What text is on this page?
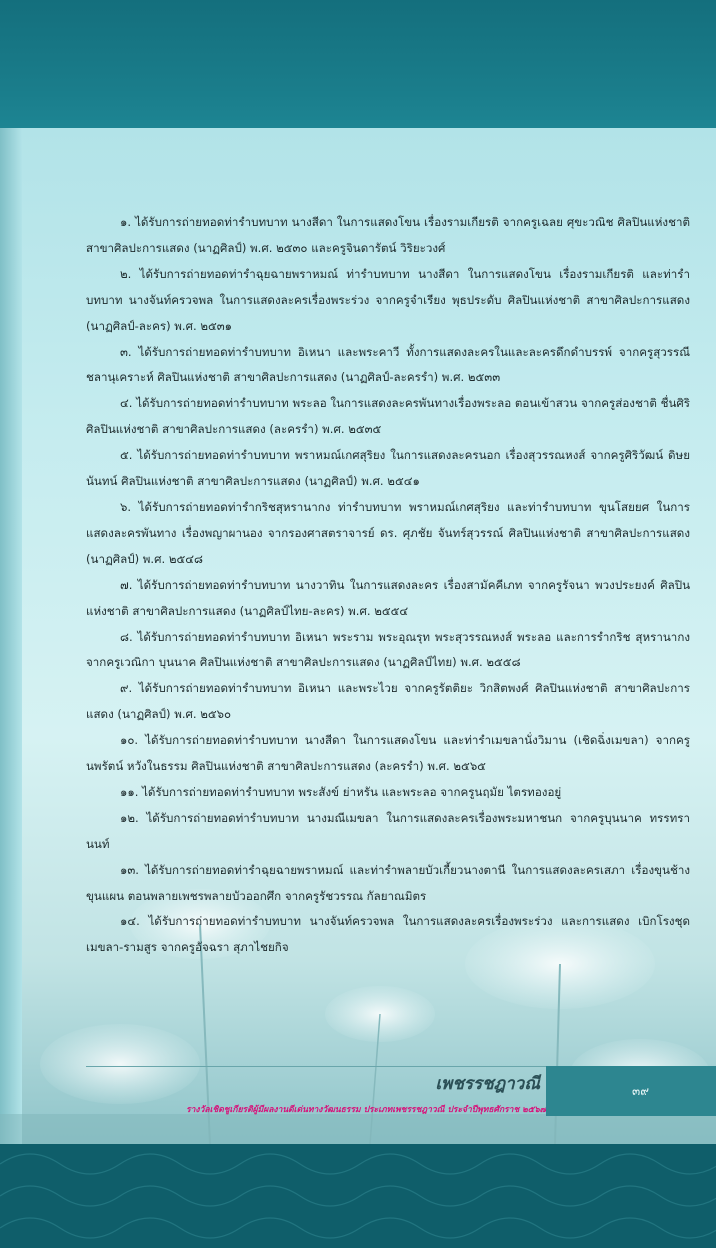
๑. ได้รับการถ่ายทอดท่ารำบทบาท นางสีดา ในการแสดงโขน เรื่องรามเกียรติ จากครูเฉลย ศุขะวณิช ศิลปินแห่งชาติ สาขาศิลปะการแสดง (นาฏศิลป์) พ.ศ. ๒๕๓๐ และครูจินดารัตน์ วิริยะวงศ์

๒. ได้รับการถ่ายทอดท่ารำฉุยฉายพราหมณ์ ท่ารำบทบาท นางสีดา ในการแสดงโขน เรื่องรามเกียรติ และท่ารำบทบาท นางจันท์ครวจพล ในการแสดงละครเรื่องพระร่วง จากครูจำเรียง พุธประดับ ศิลปินแห่งชาติ สาขาศิลปะการแสดง (นาฏศิลป์-ละคร) พ.ศ. ๒๕๓๑

๓. ได้รับการถ่ายทอดท่ารำบทบาท อิเหนา และพระคาวี ทั้งการแสดงละครในและละครดึกดำบรรพ์ จากครูสุวรรณี ชลานุเคราะห์ ศิลปินแห่งชาติ สาขาศิลปะการแสดง (นาฏศิลป์-ละครรำ) พ.ศ. ๒๕๓๓

๔. ได้รับการถ่ายทอดท่ารำบทบาท พระลอ ในการแสดงละครพันทางเรื่องพระลอ ตอนเข้าสวน จากครูส่องชาติ ชื่นศิริ ศิลปินแห่งชาติ สาขาศิลปะการแสดง (ละครรำ) พ.ศ. ๒๕๓๕

๕. ได้รับการถ่ายทอดท่ารำบทบาท พราหมณ์เกศสุริยง ในการแสดงละครนอก เรื่องสุวรรณหงส์ จากครูศิริวัฒน์ ดิษยนันทน์ ศิลปินแห่งชาติ สาขาศิลปะการแสดง (นาฏศิลป์) พ.ศ. ๒๕๔๑

๖. ได้รับการถ่ายทอดท่ารำกริชสุหรานากง ท่ารำบทบาท พราหมณ์เกศสุริยง และท่ารำบทบาท ขุนโสยยศ ในการแสดงละครพันทาง เรื่องพญาผานอง จากรองศาสตราจารย์ ดร. ศุภชัย จันทร์สุวรรณ์ ศิลปินแห่งชาติ สาขาศิลปะการแสดง (นาฏศิลป์) พ.ศ. ๒๕๔๘

๗. ได้รับการถ่ายทอดท่ารำบทบาท นางวาทิน ในการแสดงละคร เรื่องสามัคคีเภท จากครูรัจนา พวงประยงค์ ศิลปินแห่งชาติ สาขาศิลปะการแสดง (นาฏศิลป์ไทย-ละคร) พ.ศ. ๒๕๕๔

๘. ได้รับการถ่ายทอดท่ารำบทบาท อิเหนา พระราม พระอุณรุท พระสุวรรณหงส์ พระลอ และการรำกริช สุหรานากง จากครูเวณิกา บุนนาค ศิลปินแห่งชาติ สาขาศิลปะการแสดง (นาฏศิลป์ไทย) พ.ศ. ๒๕๕๘

๙. ได้รับการถ่ายทอดท่ารำบทบาท อิเหนา และพระไวย จากครูรัตติยะ วิกสิตพงศ์ ศิลปินแห่งชาติ สาขาศิลปะการแสดง (นาฏศิลป์) พ.ศ. ๒๕๖๐

๑๐. ได้รับการถ่ายทอดท่ารำบทบาท นางสีดา ในการแสดงโขน และท่ารำเมขลานั่งวิมาน (เชิดฉิ่งเมขลา) จากครูนพรัตน์ หวังในธรรม ศิลปินแห่งชาติ สาขาศิลปะการแสดง (ละครรำ) พ.ศ. ๒๕๖๕

๑๑. ได้รับการถ่ายทอดท่ารำบทบาท พระสังข์ ย่าหรัน และพระลอ จากครูนฤมัย ไตรทองอยู่

๑๒. ได้รับการถ่ายทอดท่ารำบทบาท นางมณีเมขลา ในการแสดงละครเรื่องพระมหาชนก จากครูบุนนาค ทรรทรานนท์

๑๓. ได้รับการถ่ายทอดท่ารำฉุยฉายพราหมณ์ และท่ารำพลายบัวเกี้ยวนางตานี ในการแสดงละครเสภา เรื่องขุนช้างขุนแผน ตอนพลายเพชรพลายบัวออกศึก จากครูรัชวรรณ กัลยาณมิตร

๑๔. ได้รับการถ่ายทอดท่ารำบทบาท นางจันท์ครวจพล ในการแสดงละครเรื่องพระร่วง และการแสดง เบิกโรงชุดเมขลา-รามสูร จากครูอัจฉรา สุภาไชยกิจ

เพชรรชฎาวณี
รางวัลเชิดชูเกียรติผู้มีผลงานดีเด่นทางวัฒนธรรม ประเภทเพชรรชฎาวณี ประจำปีพุทธศักราช ๒๕๖๗
๓๙
